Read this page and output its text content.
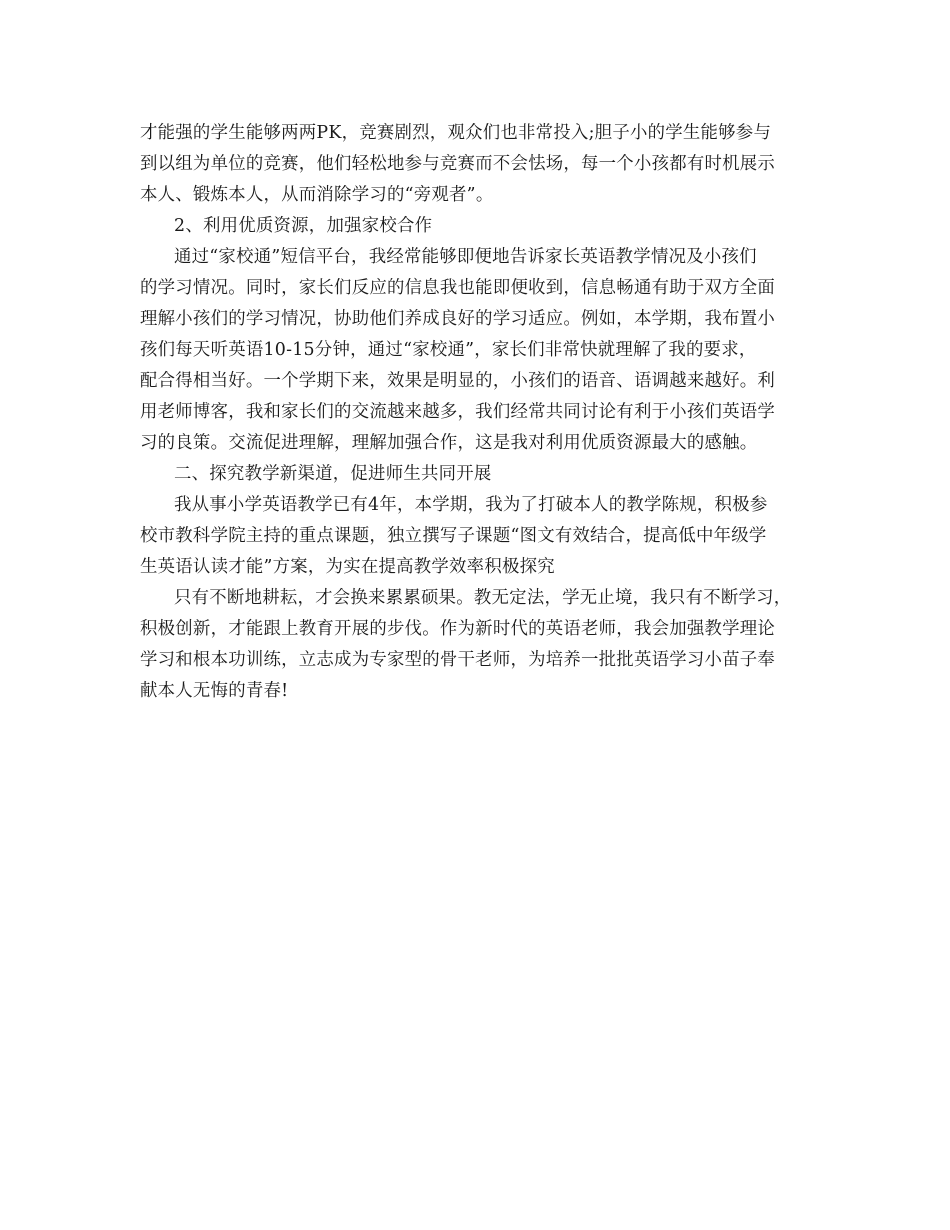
才能强的学生能够两两PK，竞赛剧烈，观众们也非常投入;胆子小的学生能够参与
到以组为单位的竞赛，他们轻松地参与竞赛而不会怯场，每一个小孩都有时机展示
本人、锻炼本人，从而消除学习的“旁观者”。
2、利用优质资源，加强家校合作
通过“家校通”短信平台，我经常能够即便地告诉家长英语教学情况及小孩们
的学习情况。同时，家长们反应的信息我也能即便收到，信息畅通有助于双方全面
理解小孩们的学习情况，协助他们养成良好的学习适应。例如，本学期，我布置小
孩们每天听英语10-15分钟，通过“家校通”，家长们非常快就理解了我的要求，
配合得相当好。一个学期下来，效果是明显的，小孩们的语音、语调越来越好。利
用老师博客，我和家长们的交流越来越多，我们经常共同讨论有利于小孩们英语学
习的良策。交流促进理解，理解加强合作，这是我对利用优质资源最大的感触。
二、探究教学新渠道，促进师生共同开展
我从事小学英语教学已有4年，本学期，我为了打破本人的教学陈规，积极参
校市教科学院主持的重点课题，独立撰写子课题“图文有效结合，提高低中年级学
生英语认读才能”方案，为实在提高教学效率积极探究
只有不断地耕耘，才会换来累累硕果。教无定法，学无止境，我只有不断学习，
积极创新，才能跟上教育开展的步伐。作为新时代的英语老师，我会加强教学理论
学习和根本功训练，立志成为专家型的骨干老师，为培养一批批英语学习小苗子奉
献本人无悔的青春!
